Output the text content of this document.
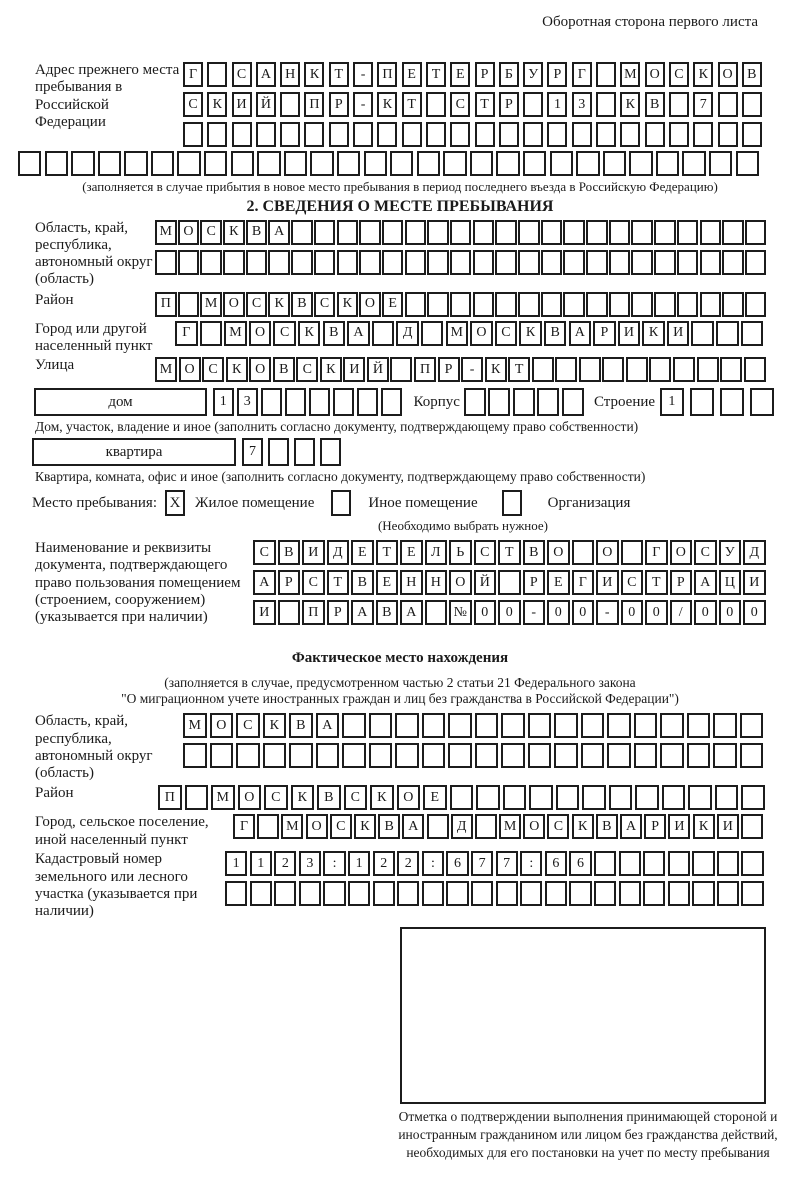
Оборотная сторона первого листа
Адрес прежнего места пребывания в Российской Федерации
Г	С	А	Н	К	Т	-	П	Е	Т	Е	Р	Б	У	Р	Г	М О	С	К	О	В
С	К	И	Й	П	Р	-	К	Т	С	Т	Р	1	3	К	В	7
(заполняется в случае прибытия в новое место пребывания в период последнего въезда в Российскую Федерацию)
2. СВЕДЕНИЯ О МЕСТЕ ПРЕБЫВАНИЯ
Область, край, республика, автономный округ (область)
М О С К В А
Район	П	М О С К В С К О Е
Город или другой населенный пункт
Г	М О	С	К	В	А	Д	М О	С	К	В	А	Р	И	К	И
Улица	М О С	К О В	С	К И Й	П	Р	-	К	Т
дом	1	3	Корпус	Строение 1
Дом, участок, владение и иное (заполнить согласно документу, подтверждающему право собственности)
квартира	7
Квартира, комната, офис и иное (заполнить согласно документу, подтверждающему право собственности)
Место пребывания: X Жилое помещение	Иное помещение	Организация
(Необходимо выбрать нужное)
Наименование и реквизиты документа, подтверждающего право пользования помещением (строением, сооружением) (указывается при наличии)
С	В	И	Д	Е	Т	Е	Л	Ь	С	Т	В	О	О	Г	О	С	У	Д
А	Р	С	Т	В	Е	Н	Н	О	Й	Р	Е	Г	И	С	Т	Р	А	Ц	И
И	П	Р	А	В	А	№	0	0	-	0	0	-	0	0	/	0	0	0
Фактическое место нахождения
(заполняется в случае, предусмотренном частью 2 статьи 21 Федерального закона
"О миграционном учете иностранных граждан и лиц без гражданства в Российской Федерации")
Область, край, республика, автономный округ (область)
М	О	С	К	В	А
Район	П	М	О	С	К	В	С	К	О	Е
Город, сельское поселение, иной населенный пункт
Г	М О	С	К	В	А	Д	М О	С	К	В	А	Р	И	К	И
Кадастровый номер земельного или лесного участка (указывается при наличии)
1	1	2	3	:	1	2	2	:	6	7	7	:	6	6
Отметка о подтверждении выполнения принимающей стороной и иностранным гражданином или лицом без гражданства действий, необходимых для его постановки на учет по месту пребывания
